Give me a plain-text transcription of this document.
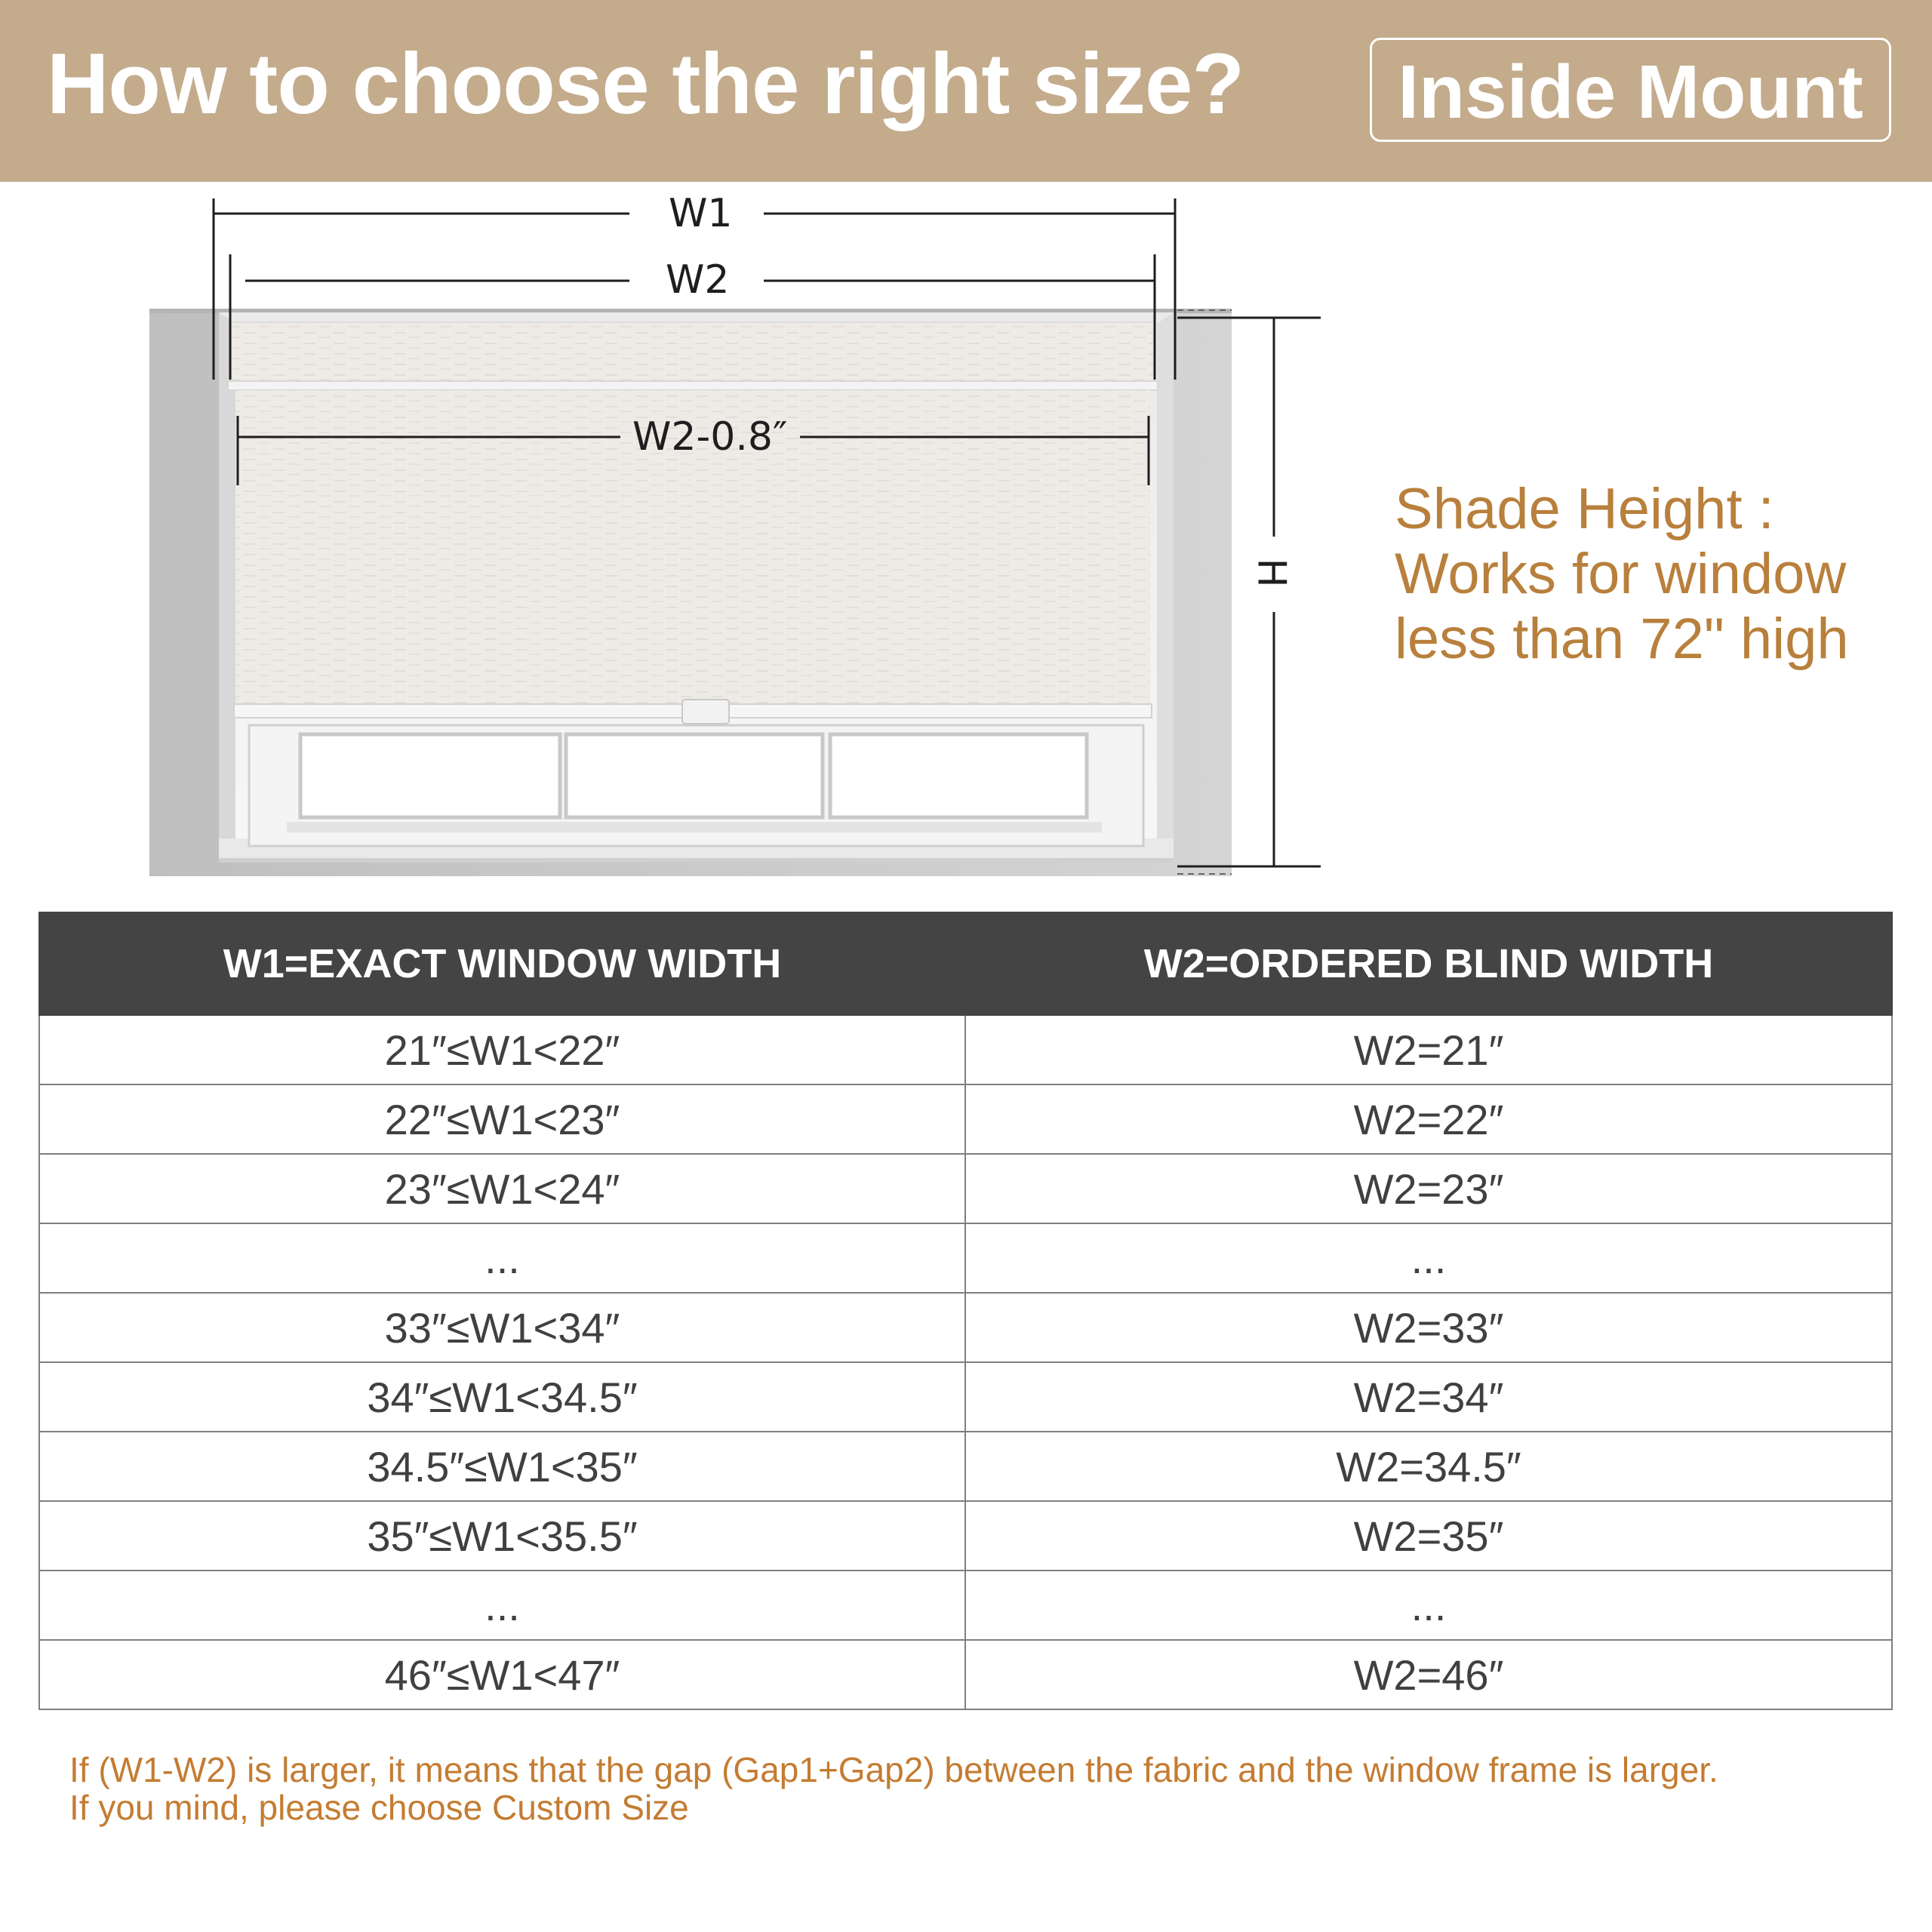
How to choose the right size?	Inside Mount
W1
W2
W2-0.8″
H
Shade Height :
Works for window
less than 72" high
W1=EXACT WINDOW WIDTH	W2=ORDERED BLIND WIDTH
21″≤W1<22″	W2=21″
22″≤W1<23″	W2=22″
23″≤W1<24″	W2=23″
...	...
33″≤W1<34″	W2=33″
34″≤W1<34.5″	W2=34″
34.5″≤W1<35″	W2=34.5″
35″≤W1<35.5″	W2=35″
...	...
46″≤W1<47″	W2=46″
If (W1-W2) is larger, it means that the gap (Gap1+Gap2) between the fabric and the window frame is larger.
If you mind, please choose Custom Size
